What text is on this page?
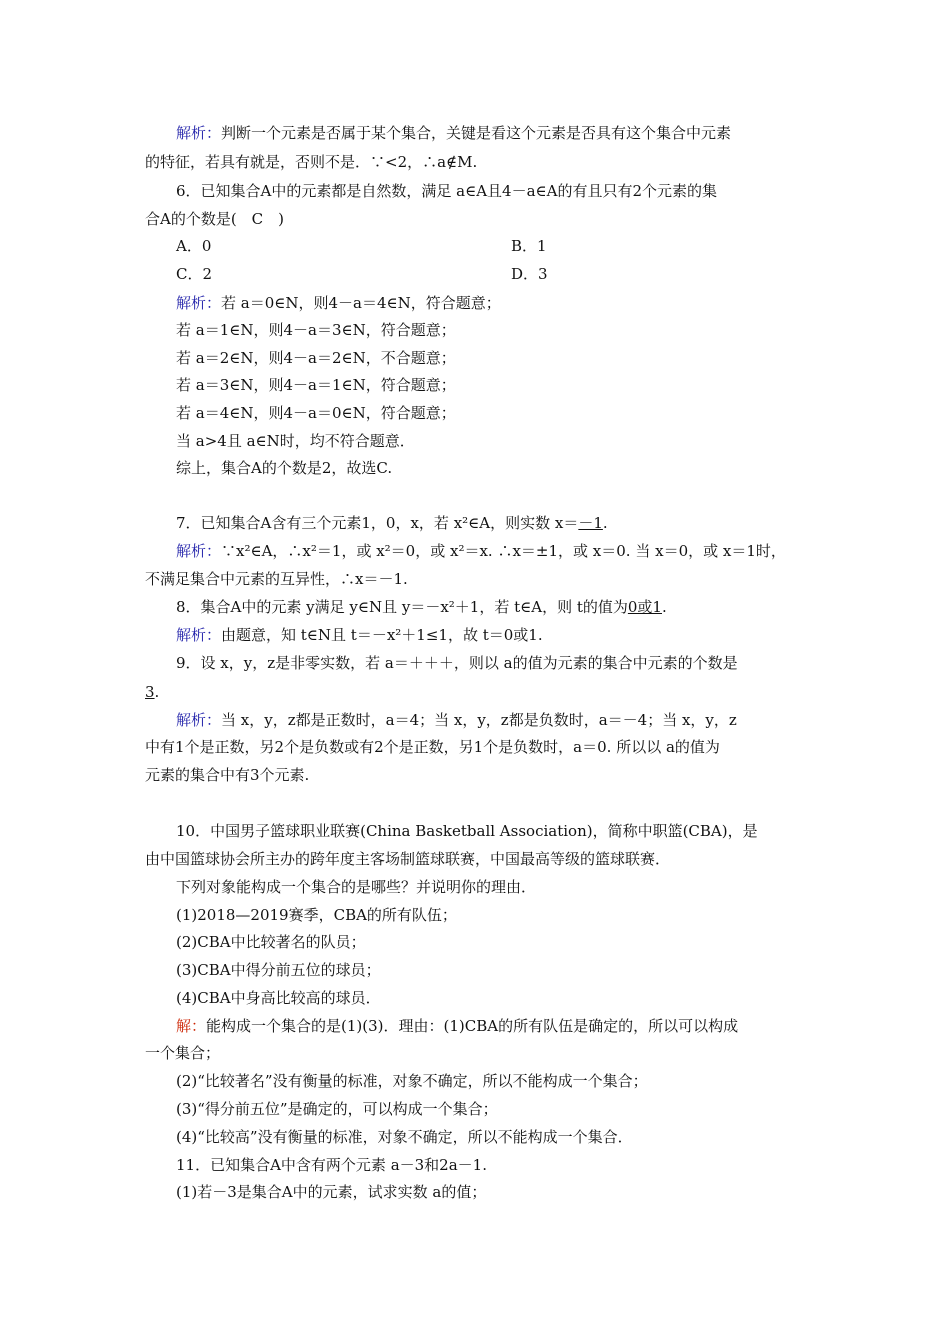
解析：判断一个元素是否属于某个集合，关键是看这个元素是否具有这个集合中元素
的特征，若具有就是，否则不是．∵<2，∴a∉M.
6．已知集合A中的元素都是自然数，满足 a∈A且4－a∈A的有且只有2个元素的集
合A的个数是(　C　)
A．0	B．1
C．2	D．3
解析：若 a＝0∈N，则4－a＝4∈N，符合题意；
若 a＝1∈N，则4－a＝3∈N，符合题意；
若 a＝2∈N，则4－a＝2∈N，不合题意；
若 a＝3∈N，则4－a＝1∈N，符合题意；
若 a＝4∈N，则4－a＝0∈N，符合题意；
当 a>4且 a∈N时，均不符合题意．
综上，集合A的个数是2，故选C.
7．已知集合A含有三个元素1，0，x，若 x²∈A，则实数 x＝－1.
解析：∵x²∈A，∴x²＝1，或 x²＝0，或 x²＝x. ∴x＝±1，或 x＝0. 当 x＝0，或 x＝1时，
不满足集合中元素的互异性，∴x＝－1.
8．集合A中的元素 y满足 y∈N且 y＝－x²＋1，若 t∈A，则 t的值为0或1.
解析：由题意，知 t∈N且 t＝－x²＋1≤1，故 t＝0或1.
9．设 x，y，z是非零实数，若 a＝＋＋＋，则以 a的值为元素的集合中元素的个数是
3.
解析：当 x，y，z都是正数时，a＝4；当 x，y，z都是负数时，a＝－4；当 x，y，z
中有1个是正数，另2个是负数或有2个是正数，另1个是负数时，a＝0. 所以以 a的值为
元素的集合中有3个元素.
10．中国男子篮球职业联赛(China Basketball Association)，简称中职篮(CBA)，是
由中国篮球协会所主办的跨年度主客场制篮球联赛，中国最高等级的篮球联赛．
下列对象能构成一个集合的是哪些？并说明你的理由．
(1)2018—2019赛季，CBA的所有队伍；
(2)CBA中比较著名的队员；
(3)CBA中得分前五位的球员；
(4)CBA中身高比较高的球员．
解：能构成一个集合的是(1)(3)．理由：(1)CBA的所有队伍是确定的，所以可以构成
一个集合；
(2)“比较著名”没有衡量的标准，对象不确定，所以不能构成一个集合；
(3)“得分前五位”是确定的，可以构成一个集合；
(4)“比较高”没有衡量的标准，对象不确定，所以不能构成一个集合．
11．已知集合A中含有两个元素 a－3和2a－1.
(1)若－3是集合A中的元素，试求实数 a的值；
